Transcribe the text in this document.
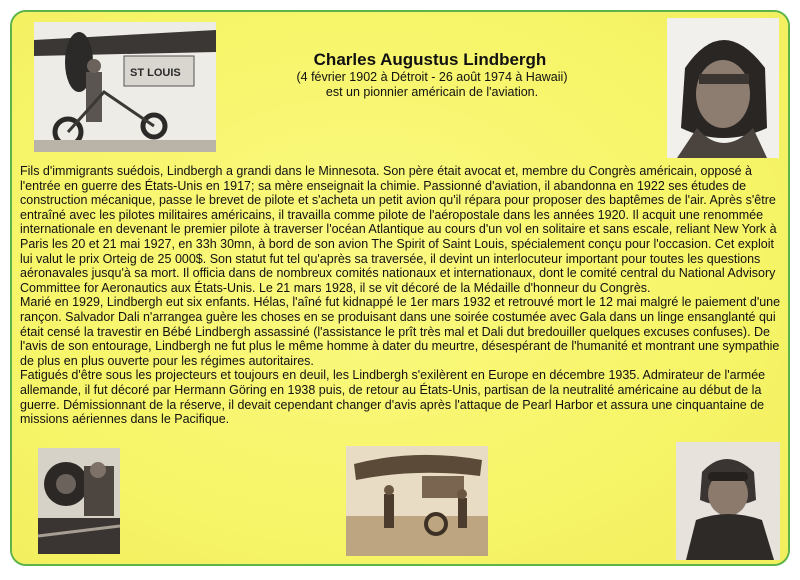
ST LOUIS
Charles Augustus Lindbergh
(4 février 1902 à Détroit - 26 août 1974 à Hawaii)
est un pionnier américain de l'aviation.

Fils d'immigrants suédois, Lindbergh a grandi dans le Minnesota. Son père était avocat et, membre du Congrès américain, opposé à l'entrée en guerre des États-Unis en 1917; sa mère enseignait la chimie. Passionné d'aviation, il abandonna en 1922 ses études de construction mécanique, passe le brevet de pilote et s'acheta un petit avion qu'il répara pour proposer des baptêmes de l'air. Après s'être entraîné avec les pilotes militaires américains, il travailla comme pilote de l'aéropostale dans les années 1920. Il acquit une renommée internationale en devenant le premier pilote à traverser l'océan Atlantique au cours d'un vol en solitaire et sans escale, reliant New York à Paris les 20 et 21 mai 1927, en 33h 30mn, à bord de son avion The Spirit of Saint Louis, spécialement conçu pour l'occasion. Cet exploit lui valut le prix Orteig de 25 000$. Son statut fut tel qu'après sa traversée, il devint un interlocuteur important pour toutes les questions aéronavales jusqu'à sa mort. Il officia dans de nombreux comités nationaux et internationaux, dont le comité central du National Advisory Committee for Aeronautics aux États-Unis. Le 21 mars 1928, il se vit décoré de la Médaille d'honneur du Congrès.

Marié en 1929, Lindbergh eut six enfants. Hélas, l'aîné fut kidnappé le 1er mars 1932 et retrouvé mort le 12 mai malgré le paiement d'une rançon. Salvador Dali n'arrangea guère les choses en se produisant dans une soirée costumée avec Gala dans un linge ensanglanté qui était censé la travestir en Bébé Lindbergh assassiné (l'assistance le prît très mal et Dali dut bredouiller quelques excuses confuses). De l'avis de son entourage, Lindbergh ne fut plus le même homme à dater du meurtre, désespérant de l'humanité et montrant une sympathie de plus en plus ouverte pour les régimes autoritaires.

Fatigués d'être sous les projecteurs et toujours en deuil, les Lindbergh s'exilèrent en Europe en décembre 1935. Admirateur de l'armée allemande, il fut décoré par Hermann Göring en 1938 puis, de retour au États-Unis, partisan de la neutralité américaine au début de la guerre. Démissionnant de la réserve, il devait cependant changer d'avis après l'attaque de Pearl Harbor et assura une cinquantaine de missions aériennes dans le Pacifique.
